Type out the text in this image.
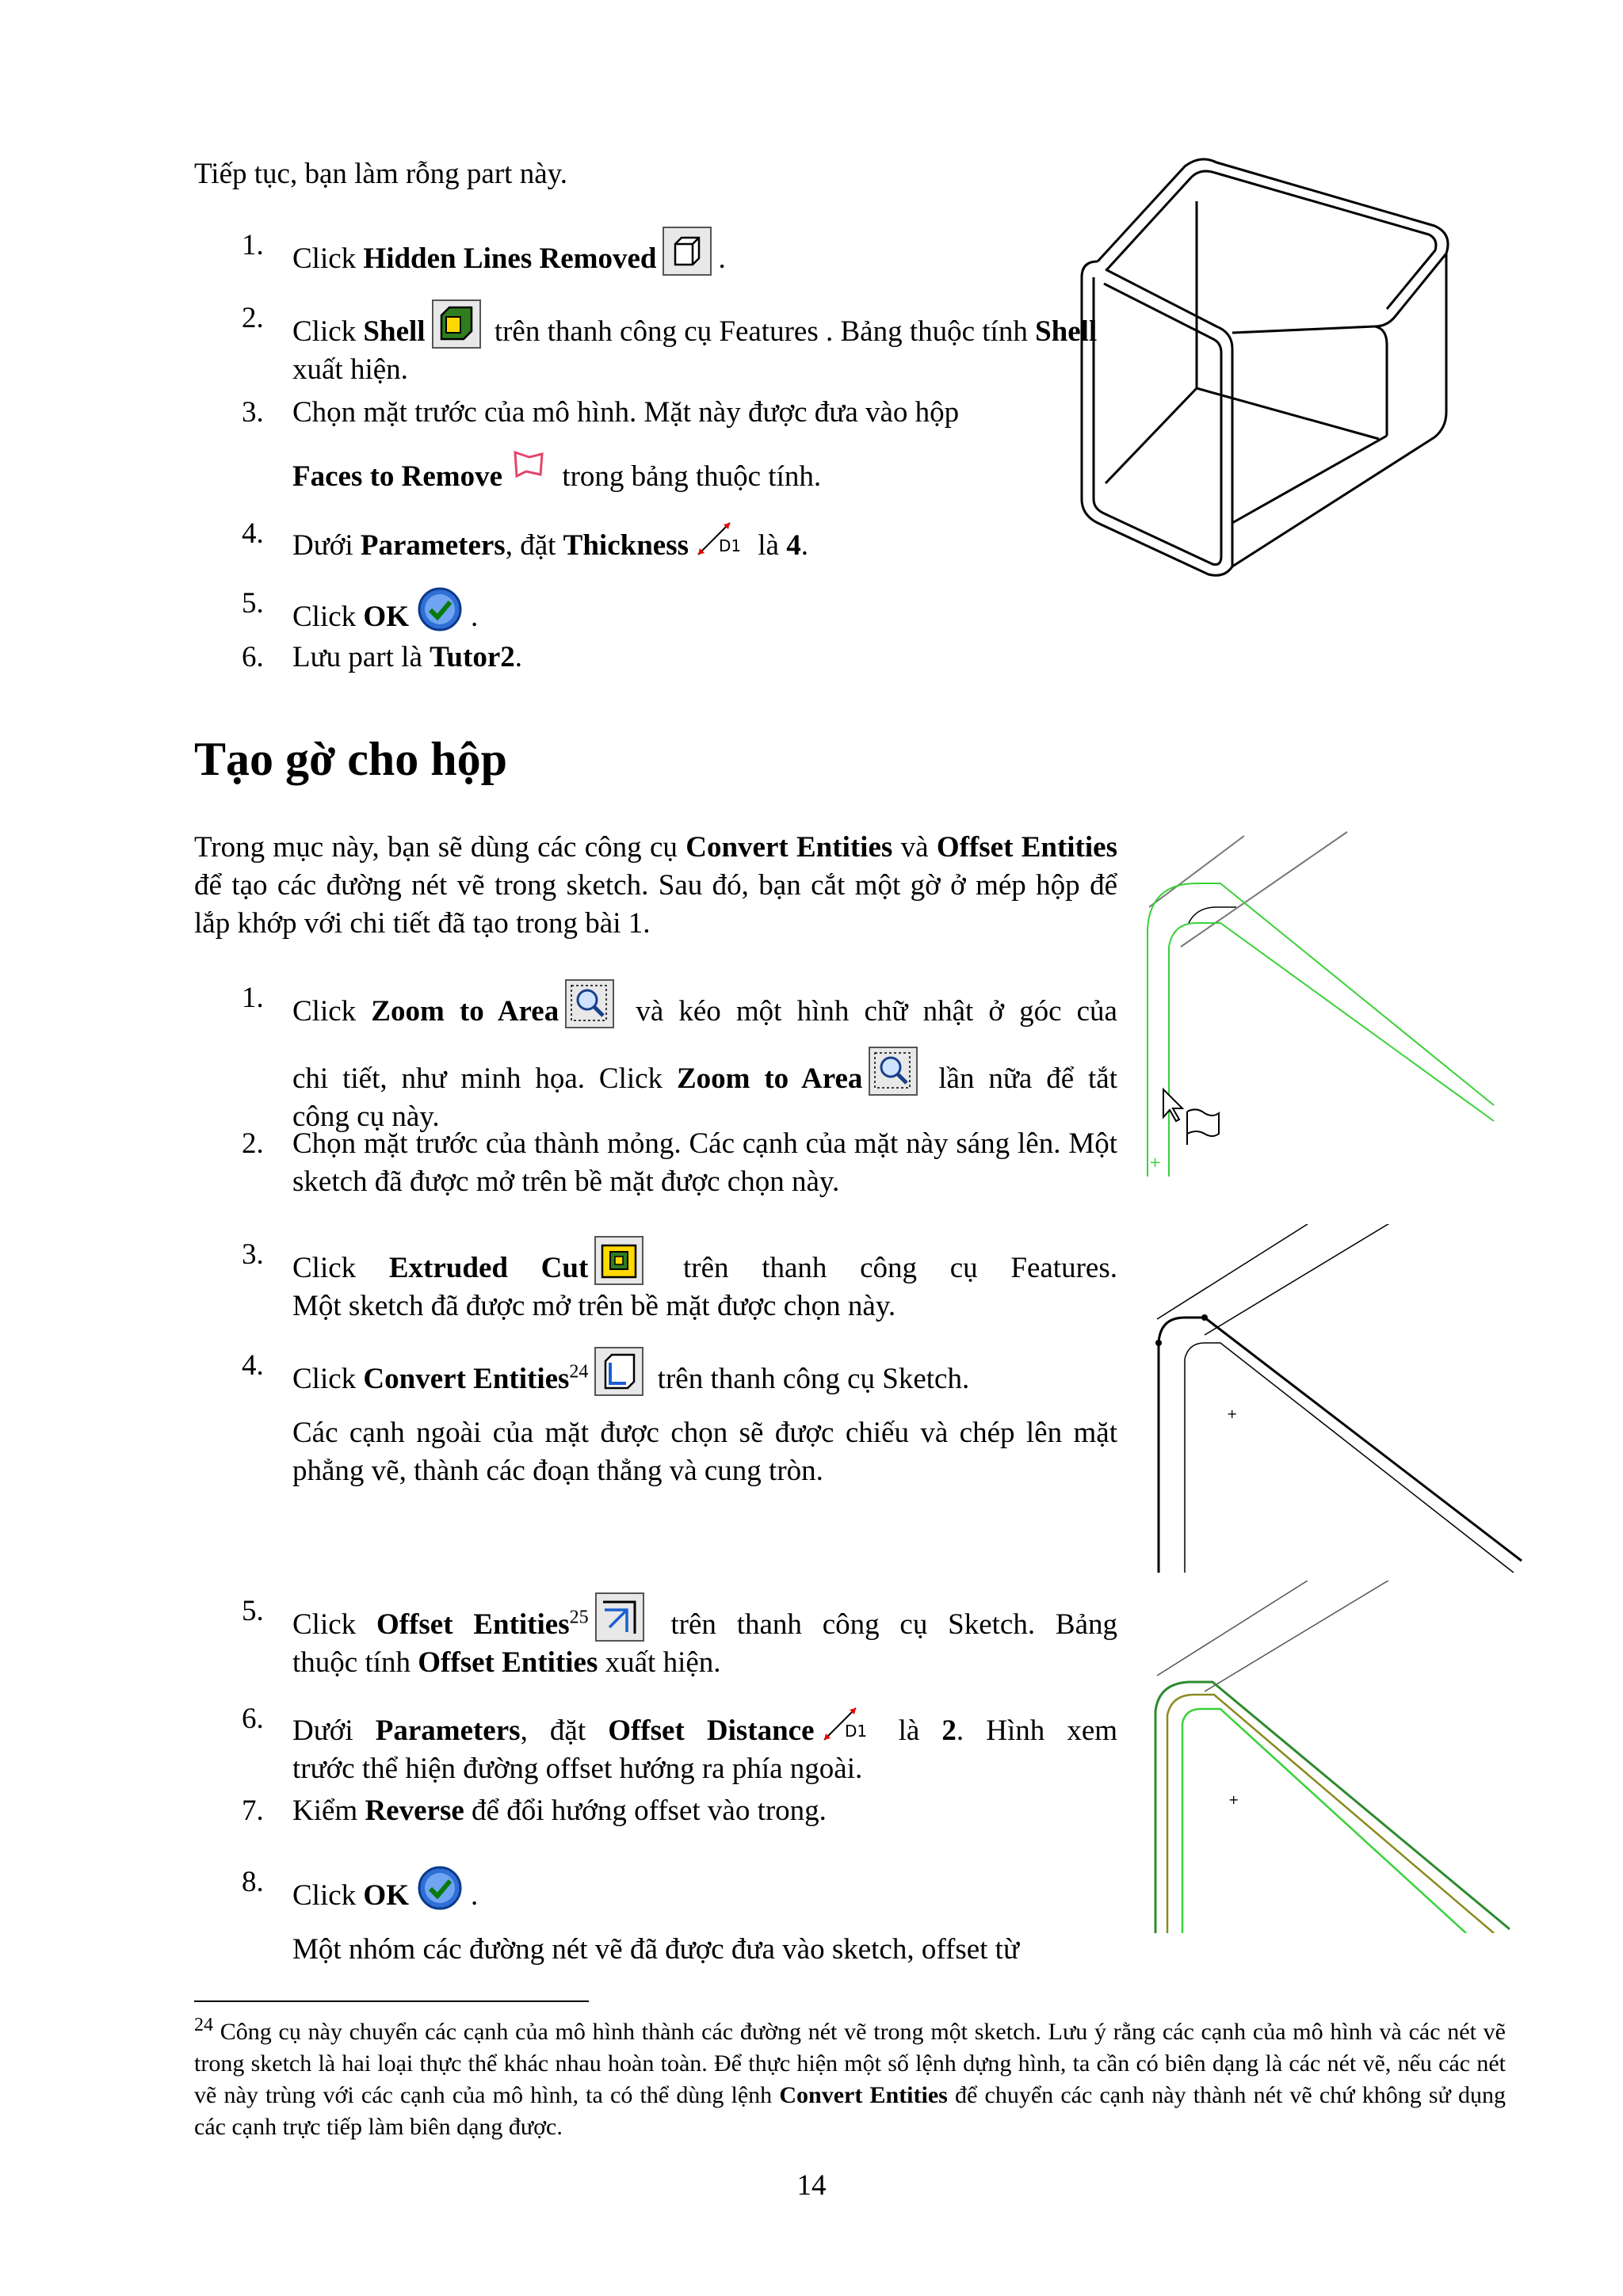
Tiếp tục, bạn làm rỗng part này.
1. Click Hidden Lines Removed .
2. Click Shell trên thanh công cụ Features . Bảng thuộc tính Shell xuất hiện.
3. Chọn mặt trước của mô hình. Mặt này được đưa vào hộp
Faces to Remove trong bảng thuộc tính.
4. Dưới Parameters, đặt Thickness D1 là 4.
5. Click OK .
6. Lưu part là Tutor2.
Tạo gờ cho hộp
Trong mục này, bạn sẽ dùng các công cụ Convert Entities và Offset Entities để tạo các đường nét vẽ trong sketch. Sau đó, bạn cắt một gờ ở mép hộp để lắp khớp với chi tiết đã tạo trong bài 1.
1. Click Zoom to Area và kéo một hình chữ nhật ở góc của
chi tiết, như minh họa. Click Zoom to Area lần nữa để tắt
công cụ này.
2. Chọn mặt trước của thành mỏng. Các cạnh của mặt này sáng lên. Một sketch đã được mở trên bề mặt được chọn này.
3. Click Extruded Cut trên thanh công cụ Features.
Một sketch đã được mở trên bề mặt được chọn này.
4. Click Convert Entities$^{24}$ trên thanh công cụ Sketch.
Các cạnh ngoài của mặt được chọn sẽ được chiếu và chép lên mặt phẳng vẽ, thành các đoạn thẳng và cung tròn.
5. Click Offset Entities$^{25}$ trên thanh công cụ Sketch. Bảng
thuộc tính Offset Entities xuất hiện.
6. Dưới Parameters, đặt Offset Distance D1 là 2. Hình xem
trước thể hiện đường offset hướng ra phía ngoài.
7. Kiểm Reverse để đổi hướng offset vào trong.
8. Click OK .
Một nhóm các đường nét vẽ đã được đưa vào sketch, offset từ
+
+
+
$^{24}$ Công cụ này chuyển các cạnh của mô hình thành các đường nét vẽ trong một sketch. Lưu ý rằng các cạnh của mô hình và các nét vẽ trong sketch là hai loại thực thể khác nhau hoàn toàn. Để thực hiện một số lệnh dựng hình, ta cần có biên dạng là các nét vẽ, nếu các nét vẽ này trùng với các cạnh của mô hình, ta có thể dùng lệnh Convert Entities để chuyển các cạnh này thành nét vẽ chứ không sử dụng các cạnh trực tiếp làm biên dạng được.
14
